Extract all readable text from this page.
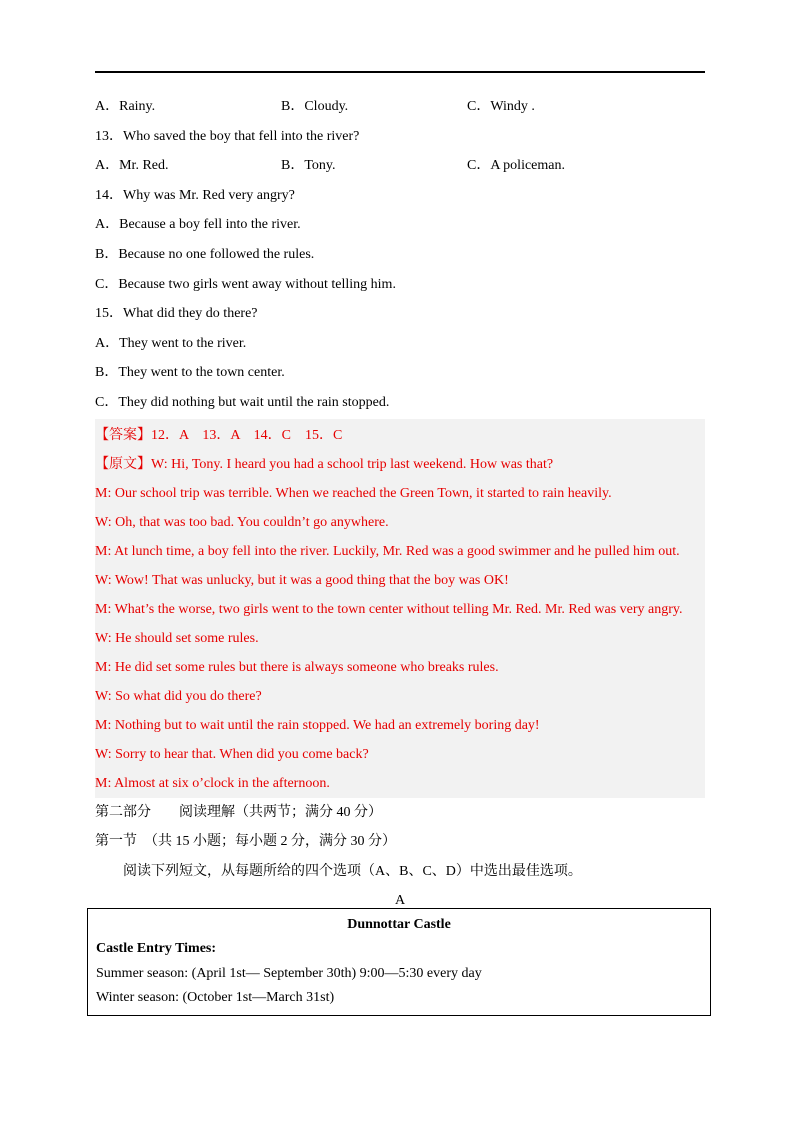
A．Rainy.	B．Cloudy.	C．Windy .
13．Who saved the boy that fell into the river?
A．Mr. Red.	B．Tony.	C．A policeman.
14．Why was Mr. Red very angry?
A．Because a boy fell into the river.
B．Because no one followed the rules.
C．Because two girls went away without telling him.
15．What did they do there?
A．They went to the river.
B．They went to the town center.
C．They did nothing but wait until the rain stopped.
【答案】12．A　13．A　14．C　15．C
【原文】W: Hi, Tony. I heard you had a school trip last weekend. How was that?
M: Our school trip was terrible. When we reached the Green Town, it started to rain heavily.
W: Oh, that was too bad. You couldn’t go anywhere.
M: At lunch time, a boy fell into the river. Luckily, Mr. Red was a good swimmer and he pulled him out.
W: Wow! That was unlucky, but it was a good thing that the boy was OK!
M: What’s the worse, two girls went to the town center without telling Mr. Red. Mr. Red was very angry.
W: He should set some rules.
M: He did set some rules but there is always someone who breaks rules.
W: So what did you do there?
M: Nothing but to wait until the rain stopped. We had an extremely boring day!
W: Sorry to hear that. When did you come back?
M: Almost at six o’clock in the afternoon.
第二部分　　阅读理解（共两节；满分 40 分）
第一节　（共 15 小题；每小题 2 分，满分 30 分）
阅读下列短文，从每题所给的四个选项（A、B、C、D）中选出最佳选项。
A
Dunnottar Castle
Castle Entry Times:
Summer season: (April 1st— September 30th) 9:00—5:30 every day
Winter season: (October 1st—March 31st)
